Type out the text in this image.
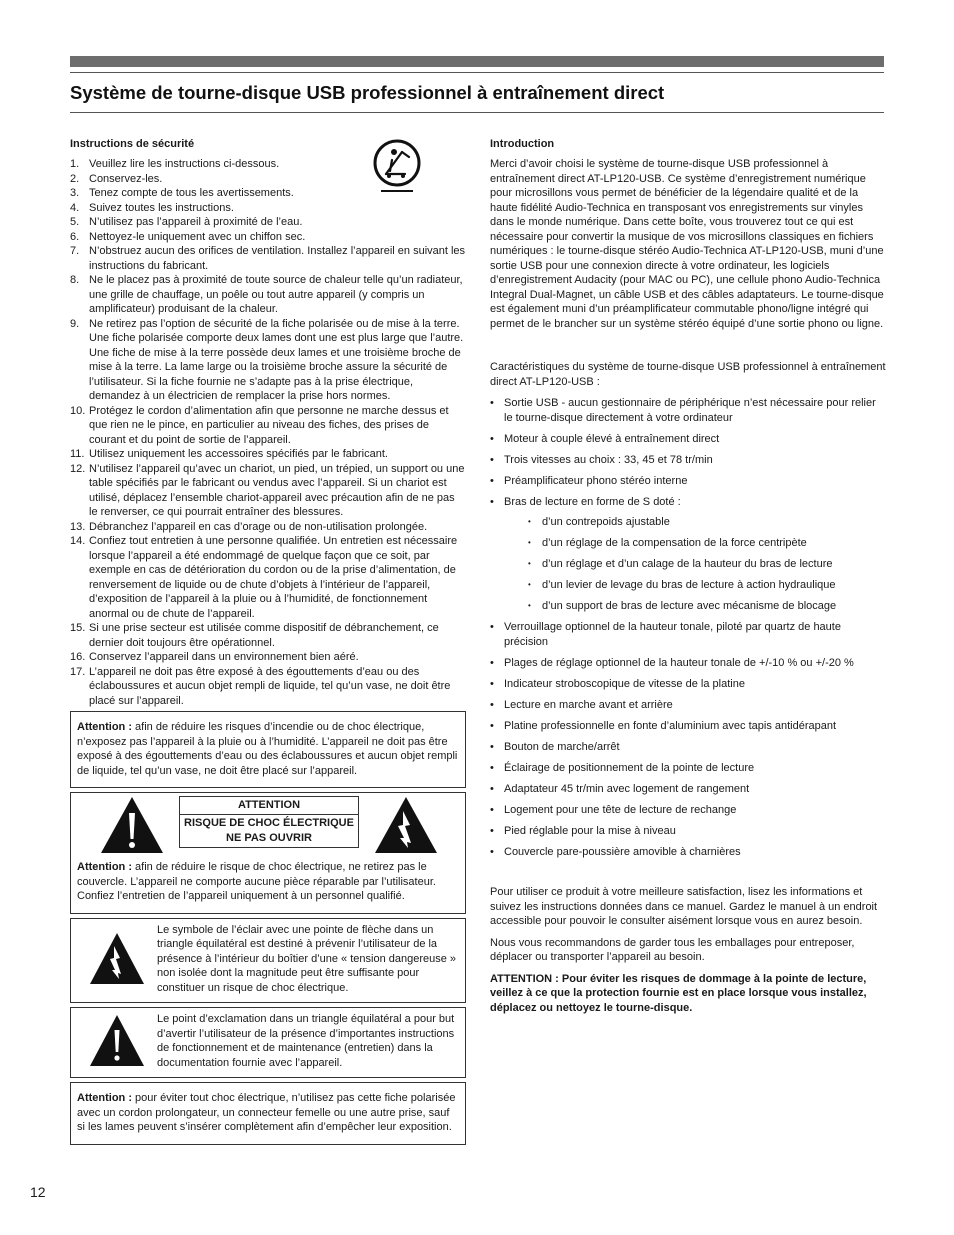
Système de tourne-disque USB professionnel à entraînement direct
Instructions de sécurité
1. Veuillez lire les instructions ci-dessous.
2. Conservez-les.
3. Tenez compte de tous les avertissements.
4. Suivez toutes les instructions.
5. N’utilisez pas l’appareil à proximité de l’eau.
6. Nettoyez-le uniquement avec un chiffon sec.
7. N’obstruez aucun des orifices de ventilation. Installez l’appareil en suivant les instructions du fabricant.
8. Ne le placez pas à proximité de toute source de chaleur telle qu’un radiateur, une grille de chauffage, un poêle ou tout autre appareil (y compris un amplificateur) produisant de la chaleur.
9. Ne retirez pas l’option de sécurité de la fiche polarisée ou de mise à la terre. Une fiche polarisée comporte deux lames dont une est plus large que l’autre. Une fiche de mise à la terre possède deux lames et une troisième broche de mise à la terre. La lame large ou la troisième broche assure la sécurité de l’utilisateur. Si la fiche fournie ne s’adapte pas à la prise électrique, demandez à un électricien de remplacer la prise hors normes.
10. Protégez le cordon d’alimentation afin que personne ne marche dessus et que rien ne le pince, en particulier au niveau des fiches, des prises de courant et du point de sortie de l’appareil.
11. Utilisez uniquement les accessoires spécifiés par le fabricant.
12. N’utilisez l’appareil qu’avec un chariot, un pied, un trépied, un support ou une table spécifiés par le fabricant ou vendus avec l’appareil. Si un chariot est utilisé, déplacez l’ensemble chariot-appareil avec précaution afin de ne pas le renverser, ce qui pourrait entraîner des blessures.
13. Débranchez l’appareil en cas d’orage ou de non-utilisation prolongée.
14. Confiez tout entretien à une personne qualifiée. Un entretien est nécessaire lorsque l’appareil a été endommagé de quelque façon que ce soit, par exemple en cas de détérioration du cordon ou de la prise d’alimentation, de renversement de liquide ou de chute d’objets à l’intérieur de l’appareil, d’exposition de l’appareil à la pluie ou à l’humidité, de fonctionnement anormal ou de chute de l’appareil.
15. Si une prise secteur est utilisée comme dispositif de débranchement, ce dernier doit toujours être opérationnel.
16. Conservez l’appareil dans un environnement bien aéré.
17. L’appareil ne doit pas être exposé à des égouttements d’eau ou des éclaboussures et aucun objet rempli de liquide, tel qu’un vase, ne doit être placé sur l’appareil.
Attention : afin de réduire les risques d’incendie ou de choc électrique, n’exposez pas l’appareil à la pluie ou à l’humidité. L’appareil ne doit pas être exposé à des égouttements d’eau ou des éclaboussures et aucun objet rempli de liquide, tel qu’un vase, ne doit être placé sur l’appareil.
ATTENTION
RISQUE DE CHOC ÉLECTRIQUE
NE PAS OUVRIR

Attention : afin de réduire le risque de choc électrique, ne retirez pas le couvercle. L’appareil ne comporte aucune pièce réparable par l’utilisateur. Confiez l’entretien de l’appareil uniquement à un personnel qualifié.

Le symbole de l’éclair avec une pointe de flèche dans un triangle équilatéral est destiné à prévenir l’utilisateur de la présence à l’intérieur du boîtier d’une « tension dangereuse » non isolée dont la magnitude peut être suffisante pour constituer un risque de choc électrique.
Le point d’exclamation dans un triangle équilatéral a pour but d’avertir l’utilisateur de la présence d’importantes instructions de fonctionnement et de maintenance (entretien) dans la documentation fournie avec l’appareil.
Attention : pour éviter tout choc électrique, n’utilisez pas cette fiche polarisée avec un cordon prolongateur, un connecteur femelle ou une autre prise, sauf si les lames peuvent s’insérer complètement afin d’empêcher leur exposition.
Introduction

Merci d’avoir choisi le système de tourne-disque USB professionnel à entraînement direct AT-LP120-USB. Ce système d’enregistrement numérique pour microsillons vous permet de bénéficier de la légendaire qualité et de la haute fidélité Audio-Technica en transposant vos enregistrements sur vinyles dans le monde numérique. Dans cette boîte, vous trouverez tout ce qui est nécessaire pour convertir la musique de vos microsillons classiques en fichiers numériques : le tourne-disque stéréo Audio-Technica AT-LP120-USB, muni d’une sortie USB pour une connexion directe à votre ordinateur, les logiciels d’enregistrement Audacity (pour MAC ou PC), une cellule phono Audio-Technica Integral Dual-Magnet, un câble USB et des câbles adaptateurs. Le tourne-disque est également muni d’un préamplificateur commutable phono/ligne intégré qui permet de le brancher sur un système stéréo équipé d’une sortie phono ou ligne.

Caractéristiques du système de tourne-disque USB professionnel à entraînement direct AT-LP120-USB :

• Sortie USB - aucun gestionnaire de périphérique n’est nécessaire pour relier le tourne-disque directement à votre ordinateur
• Moteur à couple élevé à entraînement direct
• Trois vitesses au choix : 33, 45 et 78 tr/min
• Préamplificateur phono stéréo interne
• Bras de lecture en forme de S doté :
• d’un contrepoids ajustable
• d’un réglage de la compensation de la force centripète
• d’un réglage et d’un calage de la hauteur du bras de lecture
• d’un levier de levage du bras de lecture à action hydraulique
• d’un support de bras de lecture avec mécanisme de blocage
• Verrouillage optionnel de la hauteur tonale, piloté par quartz de haute précision
• Plages de réglage optionnel de la hauteur tonale de +/-10 % ou +/-20 %
• Indicateur stroboscopique de vitesse de la platine
• Lecture en marche avant et arrière
• Platine professionnelle en fonte d’aluminium avec tapis antidérapant
• Bouton de marche/arrêt
• Éclairage de positionnement de la pointe de lecture
• Adaptateur 45 tr/min avec logement de rangement
• Logement pour une tête de lecture de rechange
• Pied réglable pour la mise à niveau
• Couvercle pare-poussière amovible à charnières

Pour utiliser ce produit à votre meilleure satisfaction, lisez les informations et suivez les instructions données dans ce manuel. Gardez le manuel à un endroit accessible pour pouvoir le consulter aisément lorsque vous en aurez besoin.

Nous vous recommandons de garder tous les emballages pour entreposer, déplacer ou transporter l’appareil au besoin.

ATTENTION : Pour éviter les risques de dommage à la pointe de lecture, veillez à ce que la protection fournie est en place lorsque vous installez, déplacez ou nettoyez le tourne-disque.

12
